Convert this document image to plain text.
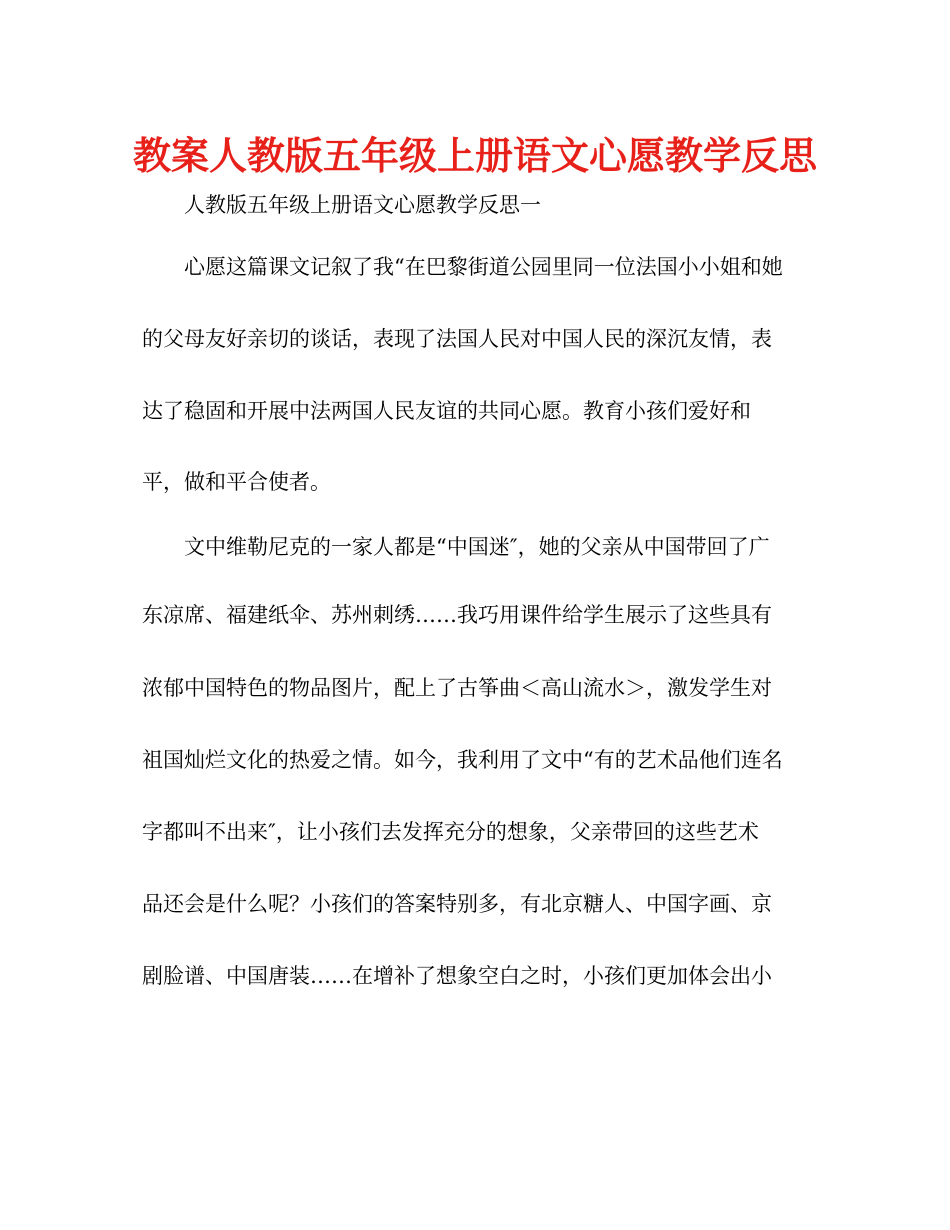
教案人教版五年级上册语文心愿教学反思
人教版五年级上册语文心愿教学反思一
心愿这篇课文记叙了我“在巴黎街道公园里同一位法国小小姐和她
的父母友好亲切的谈话，表现了法国人民对中国人民的深沉友情，表
达了稳固和开展中法两国人民友谊的共同心愿。教育小孩们爱好和
平，做和平合使者。
文中维勒尼克的一家人都是“中国迷″，她的父亲从中国带回了广
东凉席、福建纸伞、苏州刺绣……我巧用课件给学生展示了这些具有
浓郁中国特色的物品图片，配上了古筝曲＜高山流水＞，激发学生对
祖国灿烂文化的热爱之情。如今，我利用了文中“有的艺术品他们连名
字都叫不出来″，让小孩们去发挥充分的想象，父亲带回的这些艺术
品还会是什么呢？小孩们的答案特别多，有北京糖人、中国字画、京
剧脸谱、中国唐装……在增补了想象空白之时，小孩们更加体会出小
